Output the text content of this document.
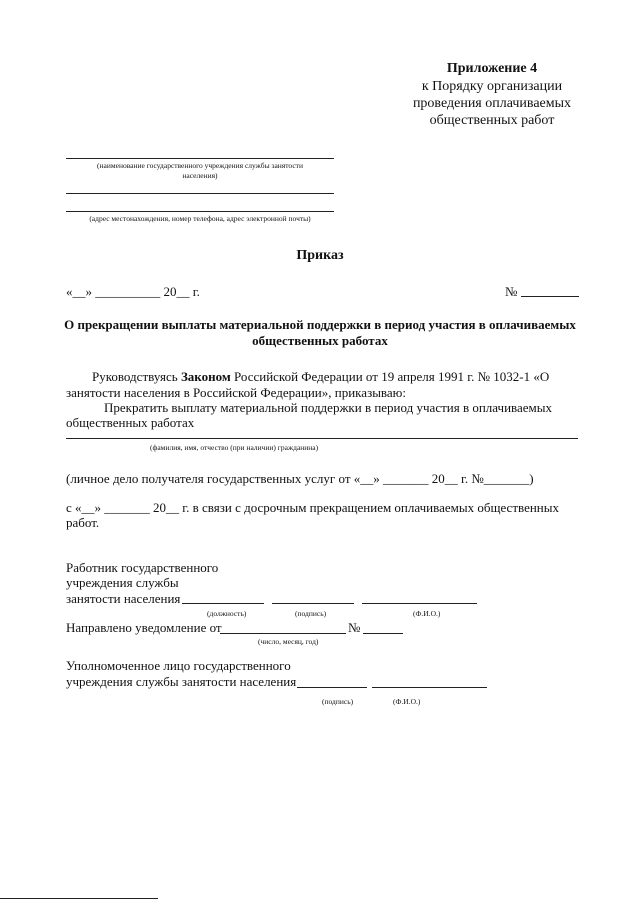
Приложение 4
к Порядку организации
проведения оплачиваемых
общественных работ
(наименование государственного учреждения службы занятости
населения)
(адрес местонахождения, номер телефона, адрес электронной почты)
Приказ
«__» __________ 20__ г.	№
О прекращении выплаты материальной поддержки в период участия в оплачиваемых
общественных работах
Руководствуясь Законом Российской Федерации от 19 апреля 1991 г. № 1032-1 «О
занятости населения в Российской Федерации», приказываю:
Прекратить выплату материальной поддержки в период участия в оплачиваемых
общественных работах
(фамилия, имя, отчество (при наличии) гражданина)
(личное дело получателя государственных услуг от «__» _______ 20__ г. №_______)
с «__» _______ 20__ г. в связи с досрочным прекращением оплачиваемых общественных
работ.
Работник государственного
учреждения службы
занятости населения
(должность)	(подпись)	(Ф.И.О.)
Направлено уведомление от	№
(число, месяц, год)
Уполномоченное лицо государственного
учреждения службы занятости населения
(подпись)	(Ф.И.О.)
